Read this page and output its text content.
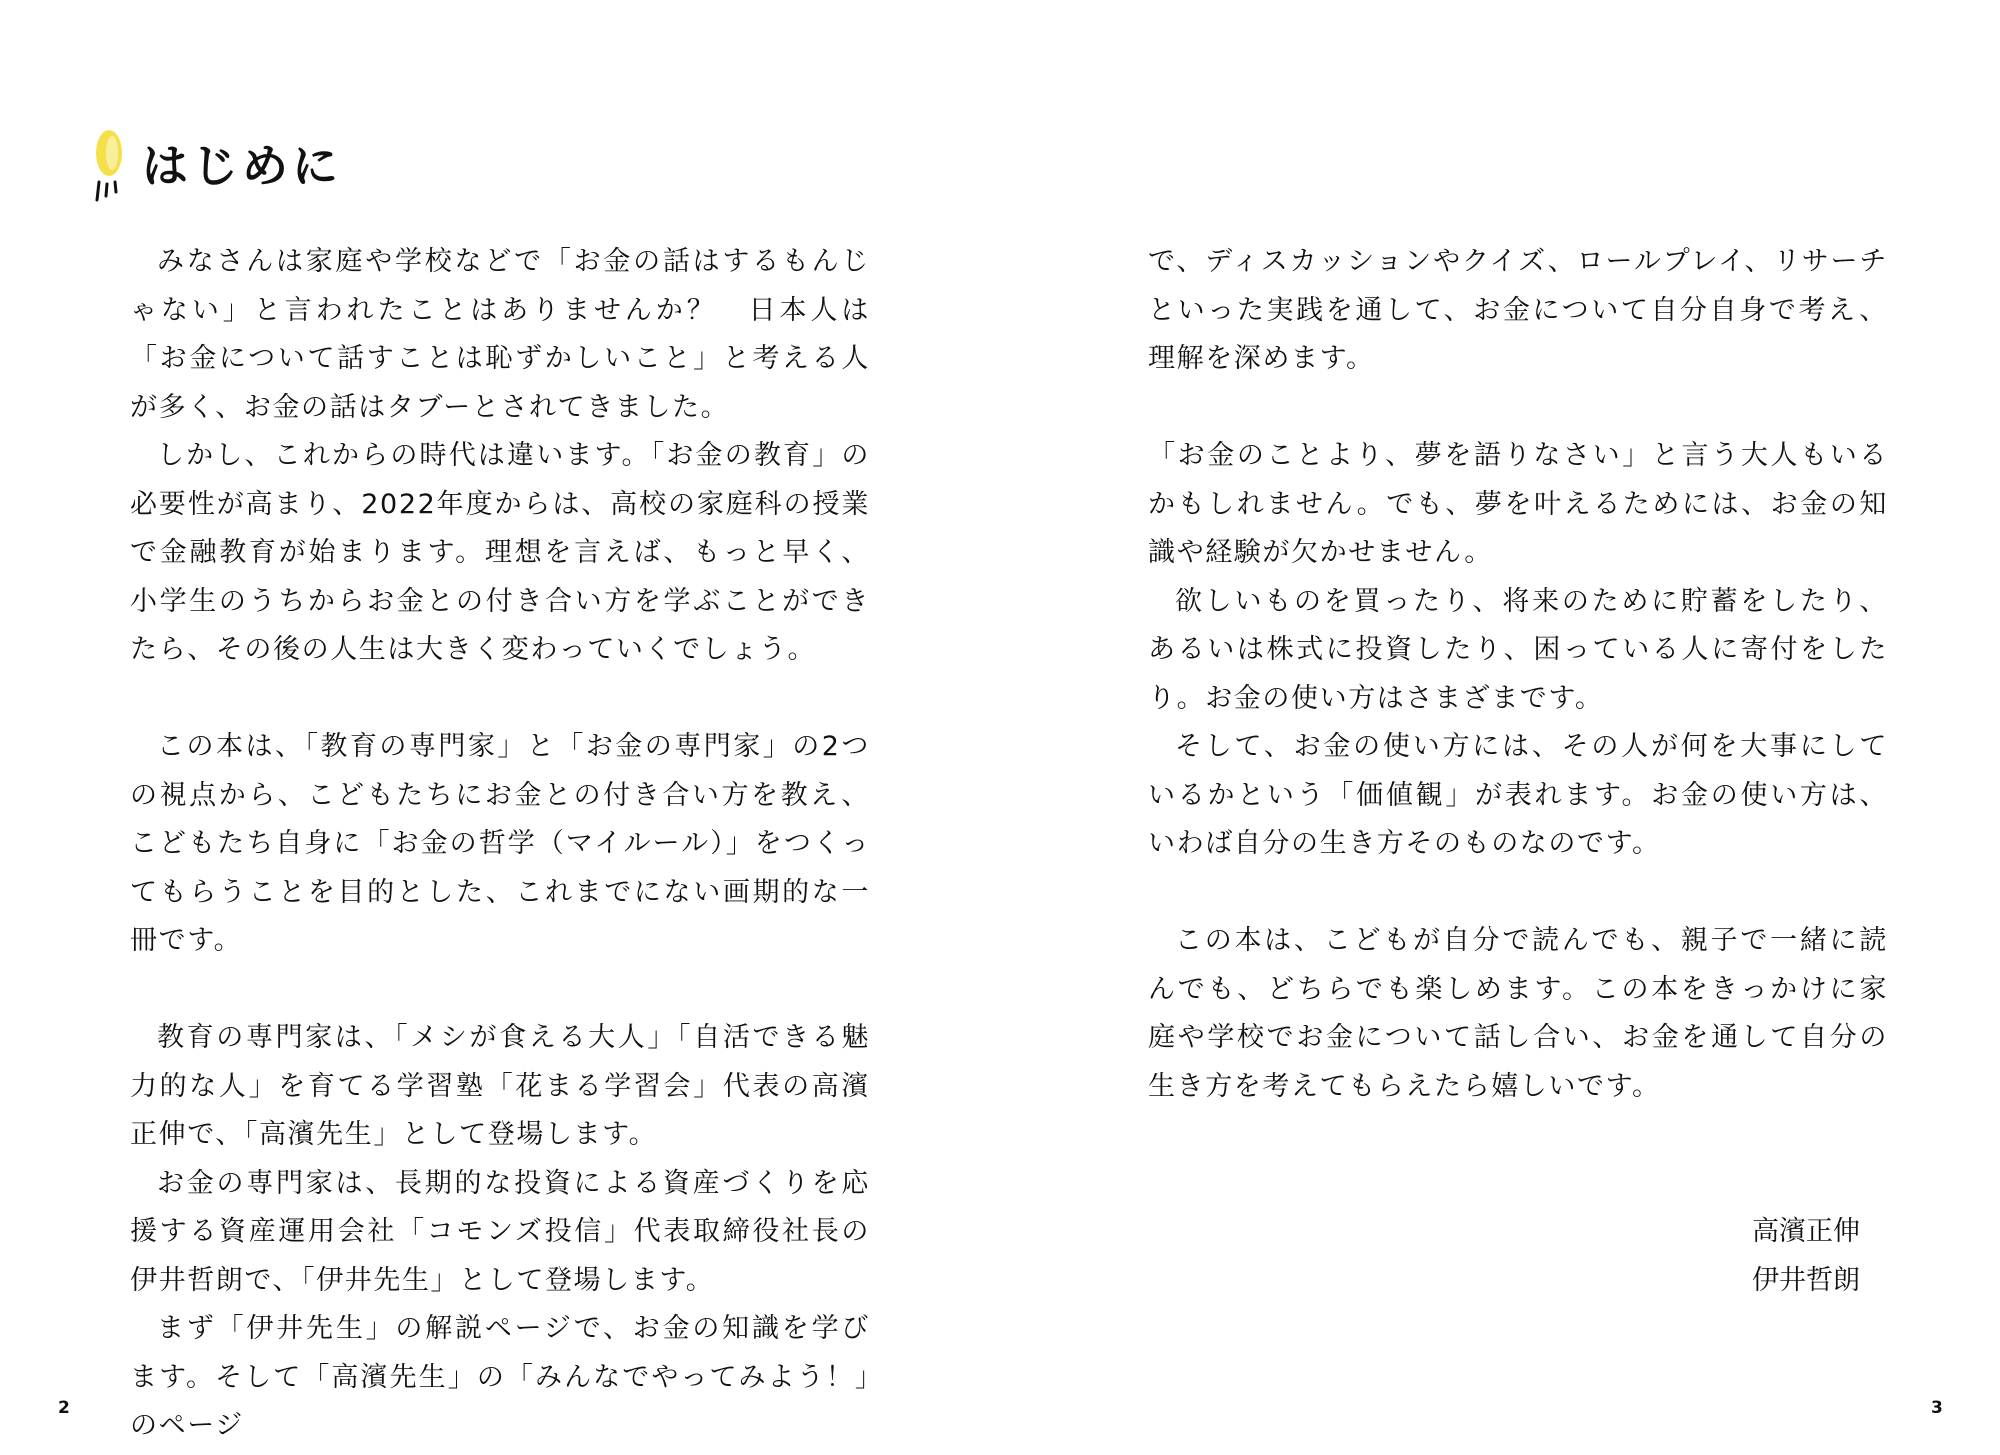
はじめに

みなさんは家庭や学校などで「お金の話はするもんじゃない」と言われたことはありませんか？　日本人は「お金について話すことは恥ずかしいこと」と考える人が多く、お金の話はタブーとされてきました。

しかし、これからの時代は違います。「お金の教育」の必要性が高まり、2022年度からは、高校の家庭科の授業で金融教育が始まります。理想を言えば、もっと早く、小学生のうちからお金との付き合い方を学ぶことができたら、その後の人生は大きく変わっていくでしょう。

この本は、「教育の専門家」と「お金の専門家」の2つの視点から、こどもたちにお金との付き合い方を教え、こどもたち自身に「お金の哲学（マイルール）」をつくってもらうことを目的とした、これまでにない画期的な一冊です。

教育の専門家は、「メシが食える大人」「自活できる魅力的な人」を育てる学習塾「花まる学習会」代表の高濱正伸で、「高濱先生」として登場します。

お金の専門家は、長期的な投資による資産づくりを応援する資産運用会社「コモンズ投信」代表取締役社長の伊井哲朗で、「伊井先生」として登場します。

まず「伊井先生」の解説ページで、お金の知識を学びます。そして「高濱先生」の「みんなでやってみよう！」のページ

で、ディスカッションやクイズ、ロールプレイ、リサーチといった実践を通して、お金について自分自身で考え、理解を深めます。

「お金のことより、夢を語りなさい」と言う大人もいるかもしれません。でも、夢を叶えるためには、お金の知識や経験が欠かせません。

欲しいものを買ったり、将来のために貯蓄をしたり、あるいは株式に投資したり、困っている人に寄付をしたり。お金の使い方はさまざまです。

そして、お金の使い方には、その人が何を大事にしているかという「価値観」が表れます。お金の使い方は、いわば自分の生き方そのものなのです。

この本は、こどもが自分で読んでも、親子で一緒に読んでも、どちらでも楽しめます。この本をきっかけに家庭や学校でお金について話し合い、お金を通して自分の生き方を考えてもらえたら嬉しいです。

高濱正伸
伊井哲朗
2	3
